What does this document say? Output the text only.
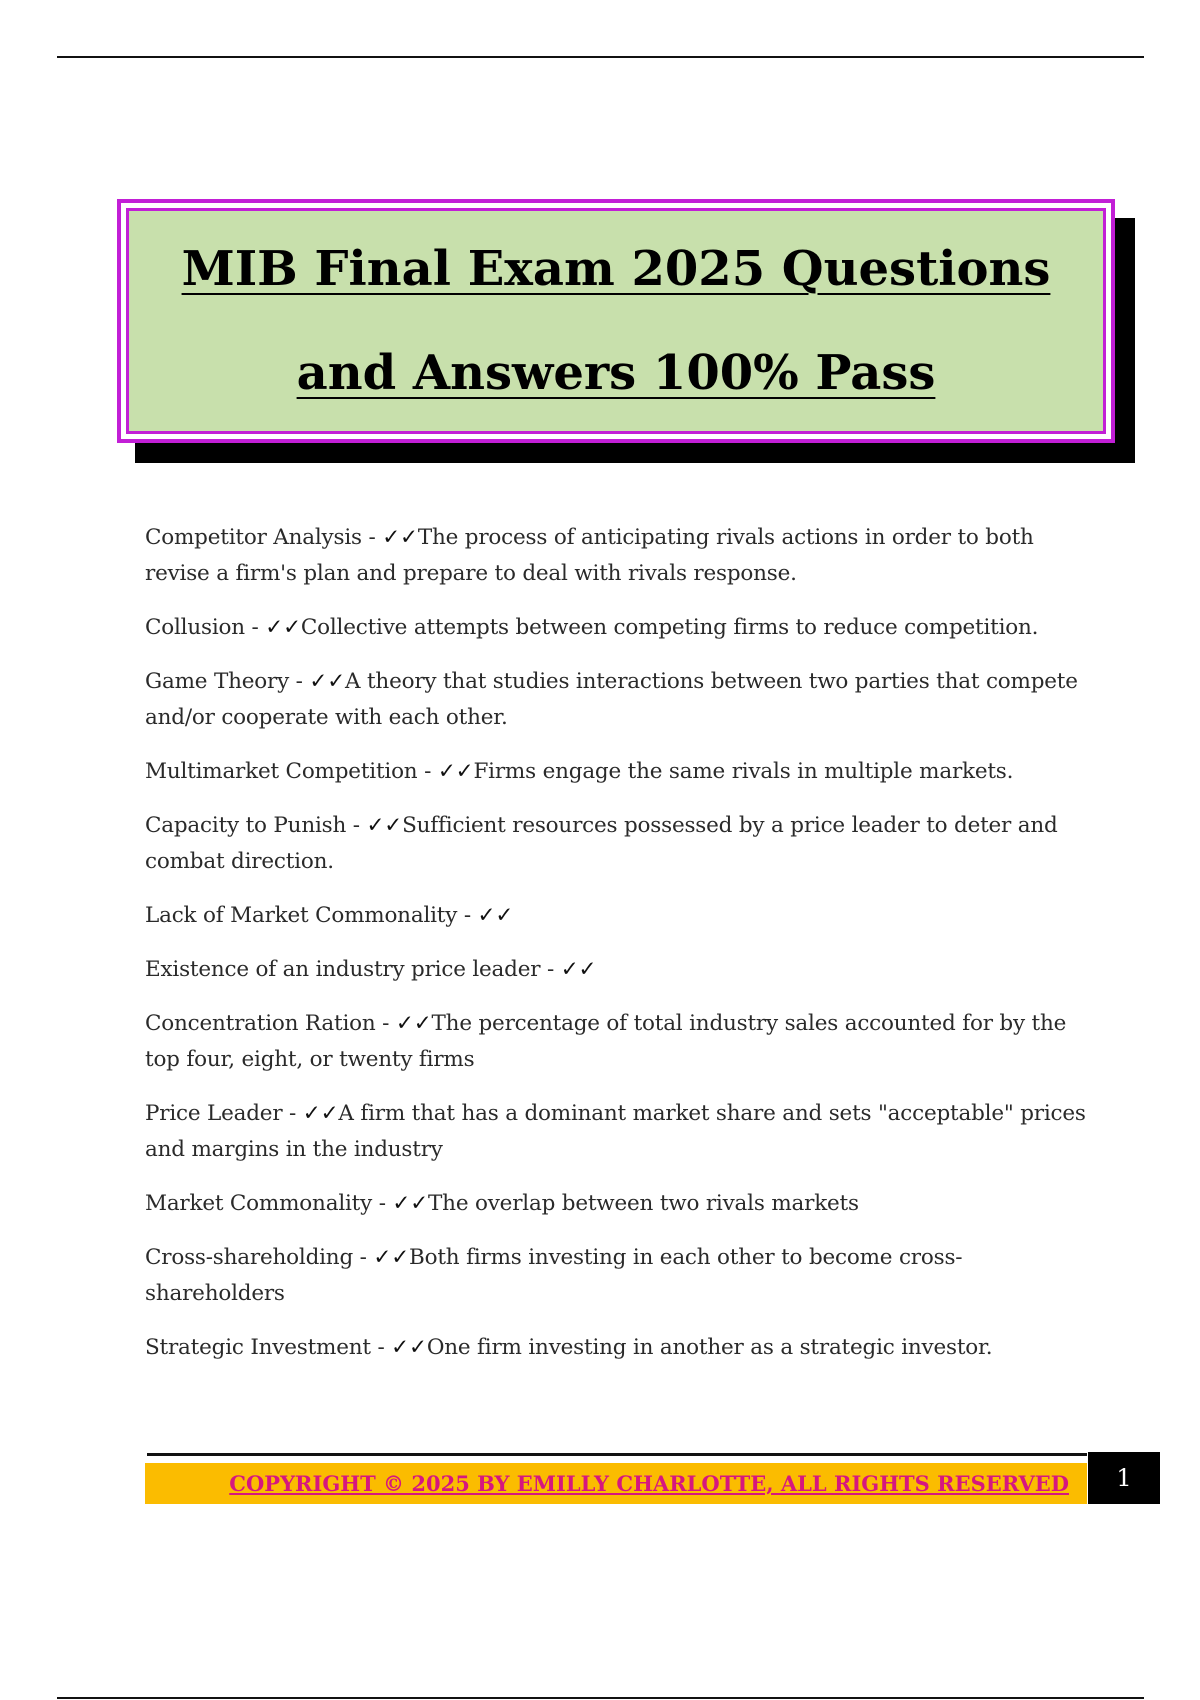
MIB Final Exam 2025 Questions
and Answers 100% Pass

Competitor Analysis - ✓✓The process of anticipating rivals actions in order to both revise a firm's plan and prepare to deal with rivals response.

Collusion - ✓✓Collective attempts between competing firms to reduce competition.

Game Theory - ✓✓A theory that studies interactions between two parties that compete and/or cooperate with each other.

Multimarket Competition - ✓✓Firms engage the same rivals in multiple markets.

Capacity to Punish - ✓✓Sufficient resources possessed by a price leader to deter and combat direction.

Lack of Market Commonality - ✓✓

Existence of an industry price leader - ✓✓

Concentration Ration - ✓✓The percentage of total industry sales accounted for by the top four, eight, or twenty firms

Price Leader - ✓✓A firm that has a dominant market share and sets "acceptable" prices and margins in the industry

Market Commonality - ✓✓The overlap between two rivals markets

Cross-shareholding - ✓✓Both firms investing in each other to become cross-shareholders

Strategic Investment - ✓✓One firm investing in another as a strategic investor.

COPYRIGHT © 2025 BY EMILLY CHARLOTTE, ALL RIGHTS RESERVED	1
